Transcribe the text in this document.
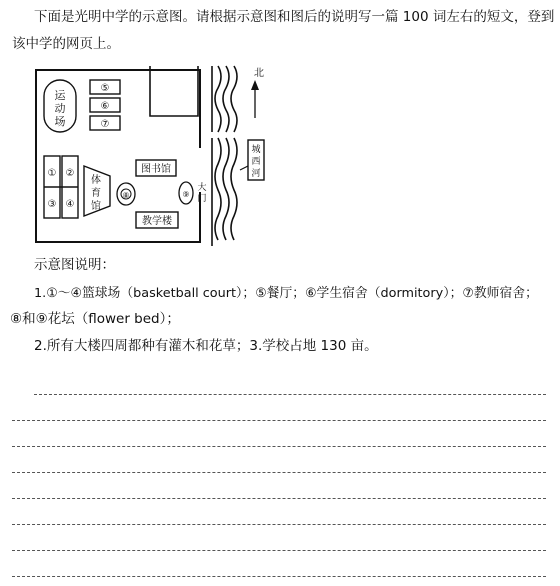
下面是光明中学的示意图。请根据示意图和图后的说明写一篇 100 词左右的短文，登到
该中学的网页上。
运
动
场
⑤
⑥
⑦
① ②
③ ④
体
育
馆
⑧
图书馆
教学楼
⑨
大
门
城
西
河
北
示意图说明：
1.①～④篮球场（basketball court）；⑤餐厅；⑥学生宿舍（dormitory）；⑦教师宿舍；
⑧和⑨花坛（flower bed）；
2.所有大楼四周都种有灌木和花草；3.学校占地 130 亩。
